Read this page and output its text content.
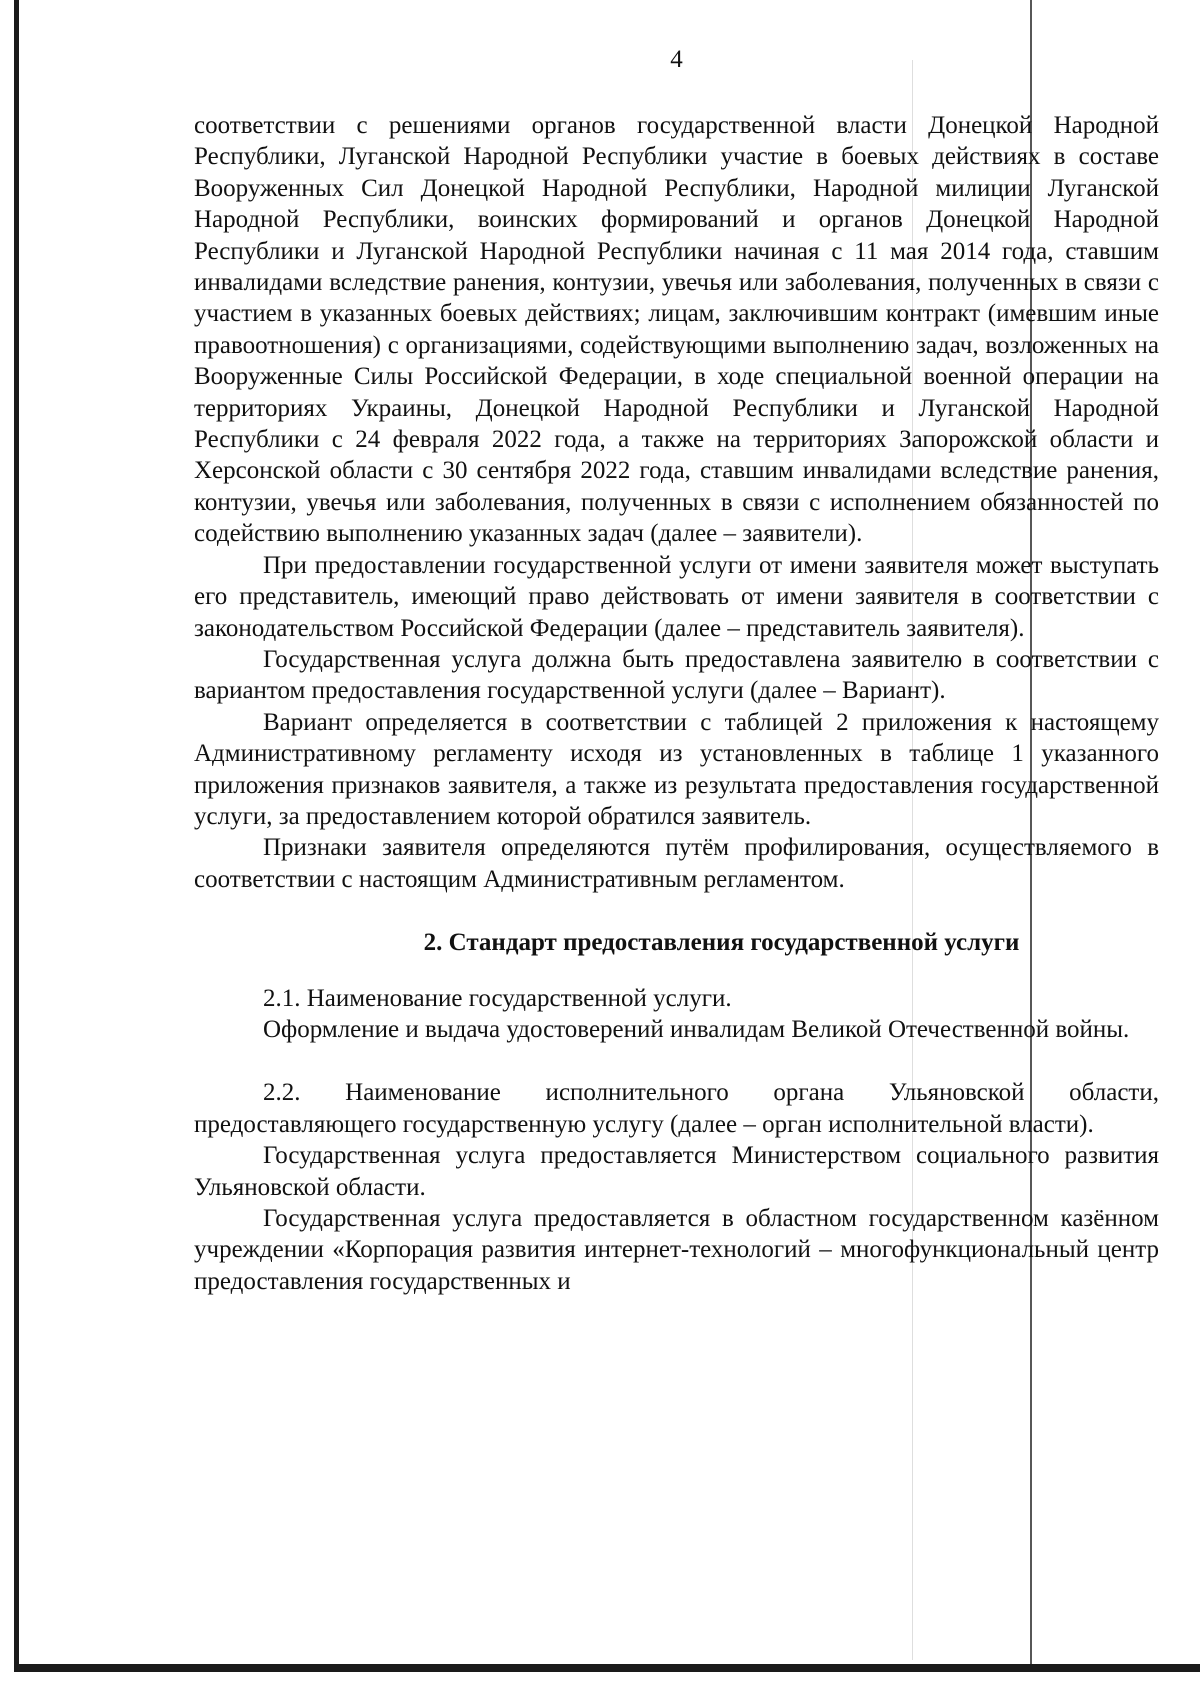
4

соответствии с решениями органов государственной власти Донецкой Народной Республики, Луганской Народной Республики участие в боевых действиях в составе Вооруженных Сил Донецкой Народной Республики, Народной милиции Луганской Народной Республики, воинских формирований и органов Донецкой Народной Республики и Луганской Народной Республики начиная с 11 мая 2014 года, ставшим инвалидами вследствие ранения, контузии, увечья или заболевания, полученных в связи с участием в указанных боевых действиях; лицам, заключившим контракт (имевшим иные правоотношения) с организациями, содействующими выполнению задач, возложенных на Вооруженные Силы Российской Федерации, в ходе специальной военной операции на территориях Украины, Донецкой Народной Республики и Луганской Народной Республики с 24 февраля 2022 года, а также на территориях Запорожской области и Херсонской области с 30 сентября 2022 года, ставшим инвалидами вследствие ранения, контузии, увечья или заболевания, полученных в связи с исполнением обязанностей по содействию выполнению указанных задач (далее – заявители).

При предоставлении государственной услуги от имени заявителя может выступать его представитель, имеющий право действовать от имени заявителя в соответствии с законодательством Российской Федерации (далее – представитель заявителя).

Государственная услуга должна быть предоставлена заявителю в соответствии с вариантом предоставления государственной услуги (далее – Вариант).

Вариант определяется в соответствии с таблицей 2 приложения к настоящему Административному регламенту исходя из установленных в таблице 1 указанного приложения признаков заявителя, а также из результата предоставления государственной услуги, за предоставлением которой обратился заявитель.

Признаки заявителя определяются путём профилирования, осуществляемого в соответствии с настоящим Административным регламентом.

2. Стандарт предоставления государственной услуги

2.1. Наименование государственной услуги.

Оформление и выдача удостоверений инвалидам Великой Отечественной войны.

2.2. Наименование исполнительного органа Ульяновской области, предоставляющего государственную услугу (далее – орган исполнительной власти).

Государственная услуга предоставляется Министерством социального развития Ульяновской области.

Государственная услуга предоставляется в областном государственном казённом учреждении «Корпорация развития интернет-технологий – многофункциональный центр предоставления государственных и
